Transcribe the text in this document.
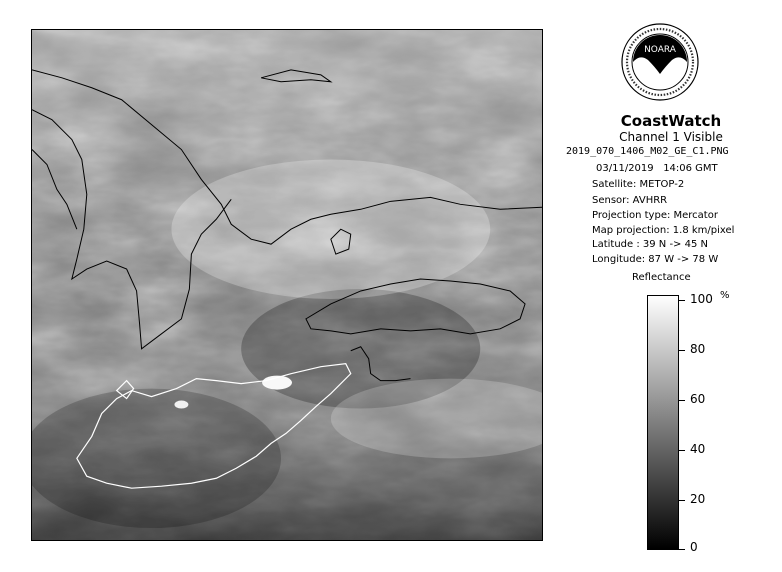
NOARA
CoastWatch
Channel 1 Visible
2019_070_1406_M02_GE_C1.PNG
03/11/2019 14:06 GMT
Satellite: METOP-2
Sensor: AVHRR
Projection type: Mercator
Map projection: 1.8 km/pixel
Latitude : 39 N -> 45 N
Longitude: 87 W -> 78 W
Reflectance
%
100
80
60
40
20
0
